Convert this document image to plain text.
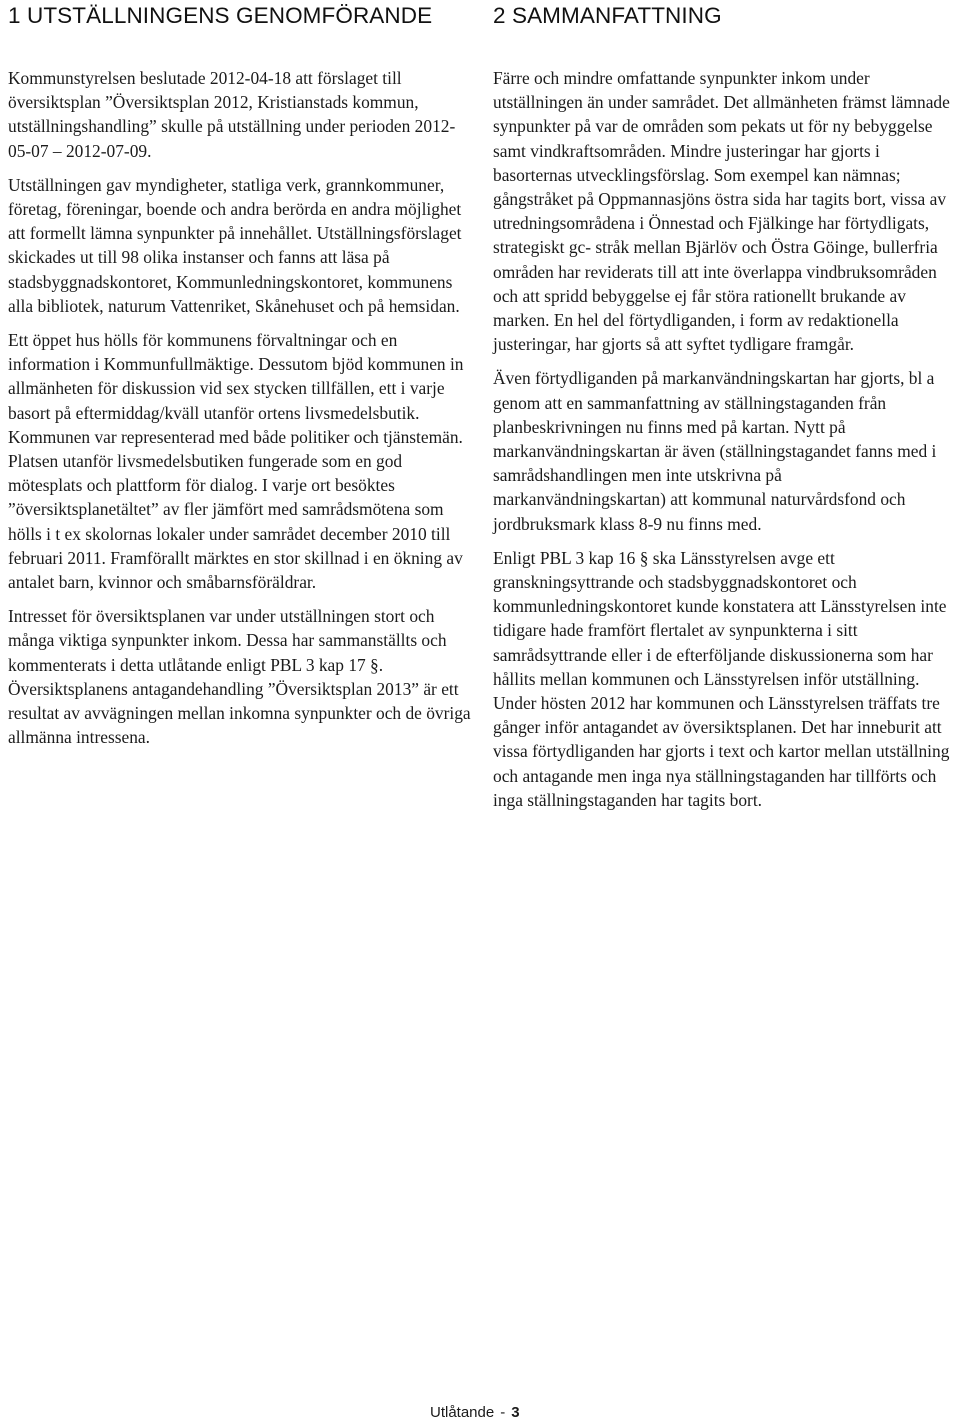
1 UTSTÄLLNINGENS GENOMFÖRANDE

Kommunstyrelsen beslutade 2012-04-18 att förslaget till översiktsplan ”Översiktsplan 2012, Kristianstads kommun, utställningshandling” skulle på utställning under perioden 2012-05-07 – 2012-07-09.

Utställningen gav myndigheter, statliga verk, grannkommuner, företag, föreningar, boende och andra berörda en andra möjlighet att formellt lämna synpunkter på innehållet. Utställningsförslaget skickades ut till 98 olika instanser och fanns att läsa på stadsbyggnadskontoret, Kommunledningskontoret, kommunens alla bibliotek, naturum Vattenriket, Skånehuset och på hemsidan.

Ett öppet hus hölls för kommunens förvaltningar och en information i Kommunfullmäktige. Dessutom bjöd kommunen in allmänheten för diskussion vid sex stycken tillfällen, ett i varje basort på eftermiddag/kväll utanför ortens livsmedelsbutik. Kommunen var representerad med både politiker och tjänstemän. Platsen utanför livsmedelsbutiken fungerade som en god mötesplats och plattform för dialog. I varje ort besöktes ”översiktsplanetältet” av fler jämfört med samrådsmötena som hölls i t ex skolornas lokaler under samrådet december 2010 till februari 2011. Framförallt märktes en stor skillnad i en ökning av antalet barn, kvinnor och småbarnsföräldrar.

Intresset för översiktsplanen var under utställningen stort och många viktiga synpunkter inkom. Dessa har sammanställts och kommenterats i detta utlåtande enligt PBL 3 kap 17 §. Översiktsplanens antagandehandling ”Översiktsplan 2013” är ett resultat av avvägningen mellan inkomna synpunkter och de övriga allmänna intressena.

2 SAMMANFATTNING

Färre och mindre omfattande synpunkter inkom under utställningen än under samrådet. Det allmänheten främst lämnade synpunkter på var de områden som pekats ut för ny bebyggelse samt vindkraftsområden. Mindre justeringar har gjorts i basorternas utvecklingsförslag. Som exempel kan nämnas; gångstråket på Oppmannasjöns östra sida har tagits bort, vissa av utredningsområdena i Önnestad och Fjälkinge har förtydligats, strategiskt gc- stråk mellan Bjärlöv och Östra Göinge, bullerfria områden har reviderats till att inte överlappa vindbruksområden och att spridd bebyggelse ej får störa rationellt brukande av marken. En hel del förtydliganden, i form av redaktionella justeringar, har gjorts så att syftet tydligare framgår.

Även förtydliganden på markanvändningskartan har gjorts, bl a genom att en sammanfattning av ställningstaganden från planbeskrivningen nu finns med på kartan. Nytt på markanvändningskartan är även (ställningstagandet fanns med i samrådshandlingen men inte utskrivna på markanvändningskartan) att kommunal naturvårdsfond och jordbruksmark klass 8-9 nu finns med.

Enligt PBL 3 kap 16 § ska Länsstyrelsen avge ett granskningsyttrande och stadsbyggnadskontoret och kommunledningskontoret kunde konstatera att Länsstyrelsen inte tidigare hade framfört flertalet av synpunkterna i sitt samrådsyttrande eller i de efterföljande diskussionerna som har hållits mellan kommunen och Länsstyrelsen inför utställning. Under hösten 2012 har kommunen och Länsstyrelsen träffats tre gånger inför antagandet av översiktsplanen. Det har inneburit att vissa förtydliganden har gjorts i text och kartor mellan utställning och antagande men inga nya ställningstaganden har tillförts och inga ställningstaganden har tagits bort.

Utlåtande - 3
